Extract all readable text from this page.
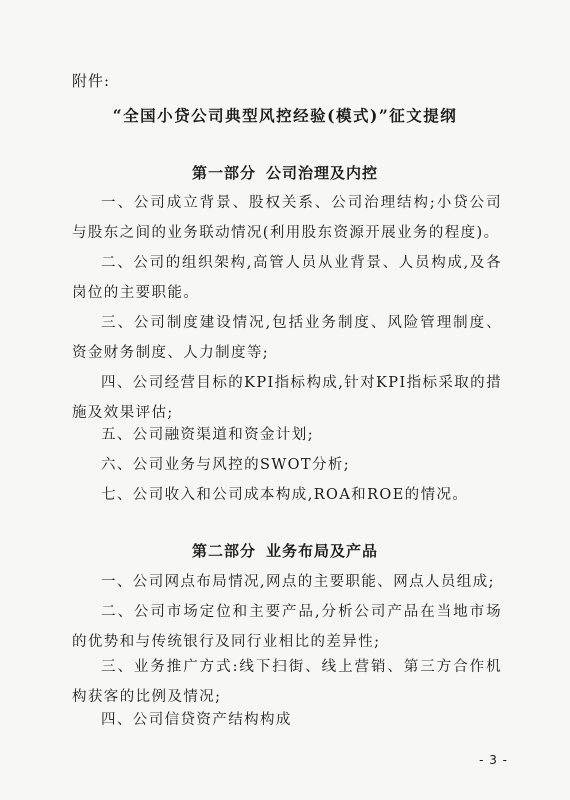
附件:
“全国小贷公司典型风控经验(模式)”征文提纲
第一部分 公司治理及内控
一、公司成立背景、股权关系、公司治理结构;小贷公司与股东之间的业务联动情况(利用股东资源开展业务的程度)。
二、公司的组织架构,高管人员从业背景、人员构成,及各岗位的主要职能。
三、公司制度建设情况,包括业务制度、风险管理制度、资金财务制度、人力制度等;
四、公司经营目标的KPI指标构成,针对KPI指标采取的措施及效果评估;
五、公司融资渠道和资金计划;
六、公司业务与风控的SWOT分析;
七、公司收入和公司成本构成,ROA和ROE的情况。
第二部分 业务布局及产品
一、公司网点布局情况,网点的主要职能、网点人员组成;
二、公司市场定位和主要产品,分析公司产品在当地市场的优势和与传统银行及同行业相比的差异性;
三、业务推广方式:线下扫街、线上营销、第三方合作机构获客的比例及情况;
四、公司信贷资产结构构成
- 3 -
